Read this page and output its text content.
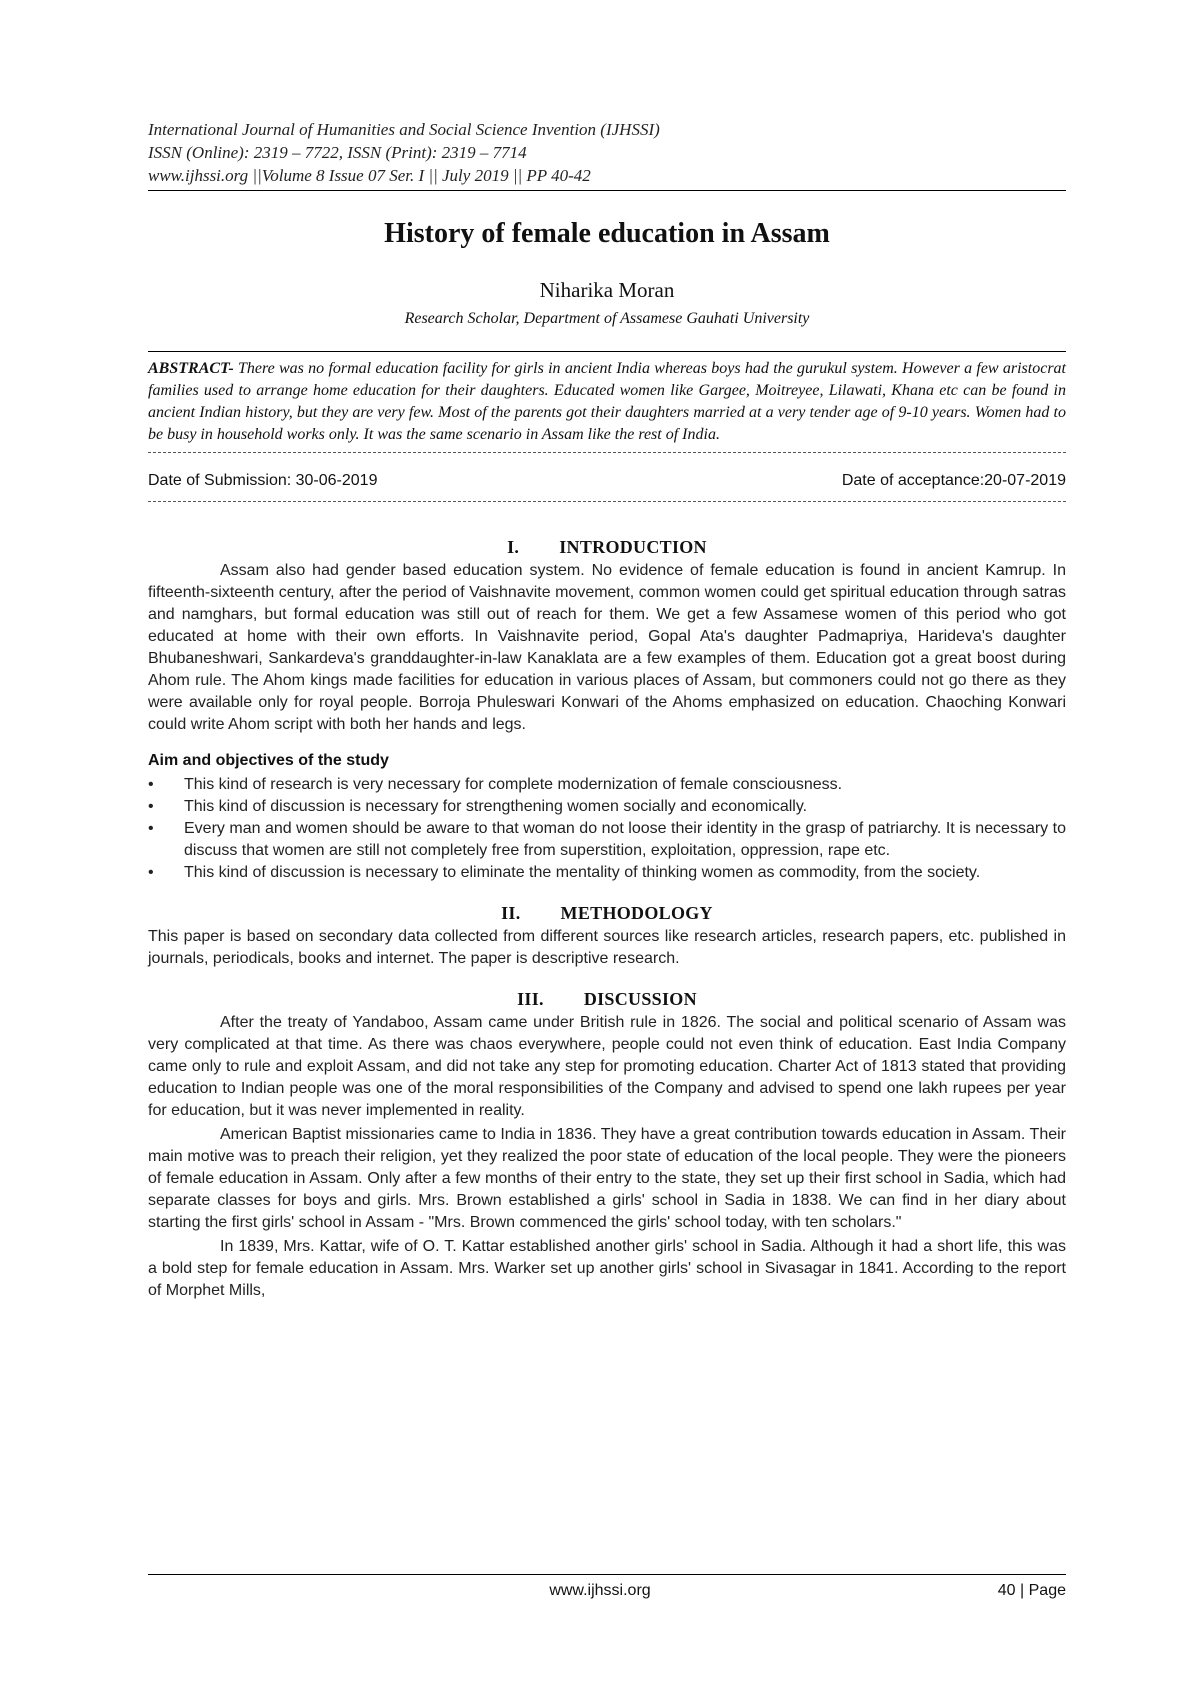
International Journal of Humanities and Social Science Invention (IJHSSI)
ISSN (Online): 2319 – 7722, ISSN (Print): 2319 – 7714
www.ijhssi.org ||Volume 8 Issue 07 Ser. I || July 2019 || PP 40-42
History of female education in Assam
Niharika Moran
Research Scholar, Department of Assamese Gauhati University
ABSTRACT- There was no formal education facility for girls in ancient India whereas boys had the gurukul system. However a few aristocrat families used to arrange home education for their daughters. Educated women like Gargee, Moitreyee, Lilawati, Khana etc can be found in ancient Indian history, but they are very few. Most of the parents got their daughters married at a very tender age of 9-10 years. Women had to be busy in household works only. It was the same scenario in Assam like the rest of India.
Date of Submission: 30-06-2019	Date of acceptance:20-07-2019
I. INTRODUCTION

Assam also had gender based education system. No evidence of female education is found in ancient Kamrup. In fifteenth-sixteenth century, after the period of Vaishnavite movement, common women could get spiritual education through satras and namghars, but formal education was still out of reach for them. We get a few Assamese women of this period who got educated at home with their own efforts. In Vaishnavite period, Gopal Ata's daughter Padmapriya, Harideva's daughter Bhubaneshwari, Sankardeva's granddaughter-in-law Kanaklata are a few examples of them. Education got a great boost during Ahom rule. The Ahom kings made facilities for education in various places of Assam, but commoners could not go there as they were available only for royal people. Borroja Phuleswari Konwari of the Ahoms emphasized on education. Chaoching Konwari could write Ahom script with both her hands and legs.

Aim and objectives of the study
•	This kind of research is very necessary for complete modernization of female consciousness.
•	This kind of discussion is necessary for strengthening women socially and economically.
•	Every man and women should be aware to that woman do not loose their identity in the grasp of patriarchy. It is necessary to discuss that women are still not completely free from superstition, exploitation, oppression, rape etc.
•	This kind of discussion is necessary to eliminate the mentality of thinking women as commodity, from the society.
II. METHODOLOGY

This paper is based on secondary data collected from different sources like research articles, research papers, etc. published in journals, periodicals, books and internet. The paper is descriptive research.

III. DISCUSSION

After the treaty of Yandaboo, Assam came under British rule in 1826. The social and political scenario of Assam was very complicated at that time. As there was chaos everywhere, people could not even think of education. East India Company came only to rule and exploit Assam, and did not take any step for promoting education. Charter Act of 1813 stated that providing education to Indian people was one of the moral responsibilities of the Company and advised to spend one lakh rupees per year for education, but it was never implemented in reality.

American Baptist missionaries came to India in 1836. They have a great contribution towards education in Assam. Their main motive was to preach their religion, yet they realized the poor state of education of the local people. They were the pioneers of female education in Assam. Only after a few months of their entry to the state, they set up their first school in Sadia, which had separate classes for boys and girls. Mrs. Brown established a girls' school in Sadia in 1838. We can find in her diary about starting the first girls' school in Assam - "Mrs. Brown commenced the girls' school today, with ten scholars."

In 1839, Mrs. Kattar, wife of O. T. Kattar established another girls' school in Sadia. Although it had a short life, this was a bold step for female education in Assam. Mrs. Warker set up another girls' school in Sivasagar in 1841. According to the report of Morphet Mills,

www.ijhssi.org	40 | Page
